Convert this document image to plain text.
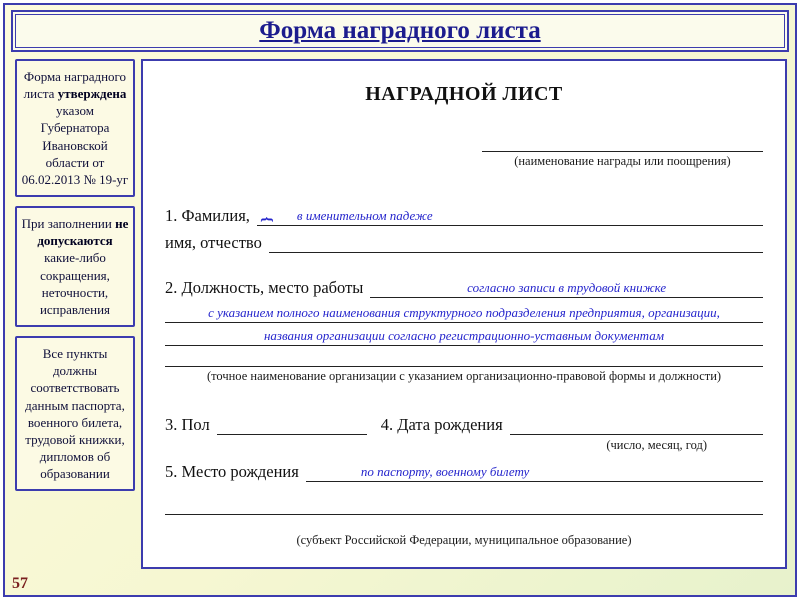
Форма наградного листа
Форма наградного листа утверждена указом Губернатора Ивановской области от 06.02.2013 № 19-уг
При заполнении не допускаются какие-либо сокращения, неточности, исправления
Все пункты должны соответствовать данным паспорта, военного билета, трудовой книжки, дипломов об образовании
НАГРАДНОЙ ЛИСТ
(наименование награды или поощрения)
1. Фамилия, { в именительном падеже
имя, отчество
2. Должность, место работы	согласно записи в трудовой книжке
с указанием полного наименования структурного подразделения предприятия, организации,
названия организации согласно регистрационно-уставным документам
(точное наименование организации с указанием организационно-правовой формы и должности)
3. Пол	4. Дата рождения
(число, месяц, год)
5. Место рождения	по паспорту, военному билету
(субъект Российской Федерации, муниципальное образование)
57
